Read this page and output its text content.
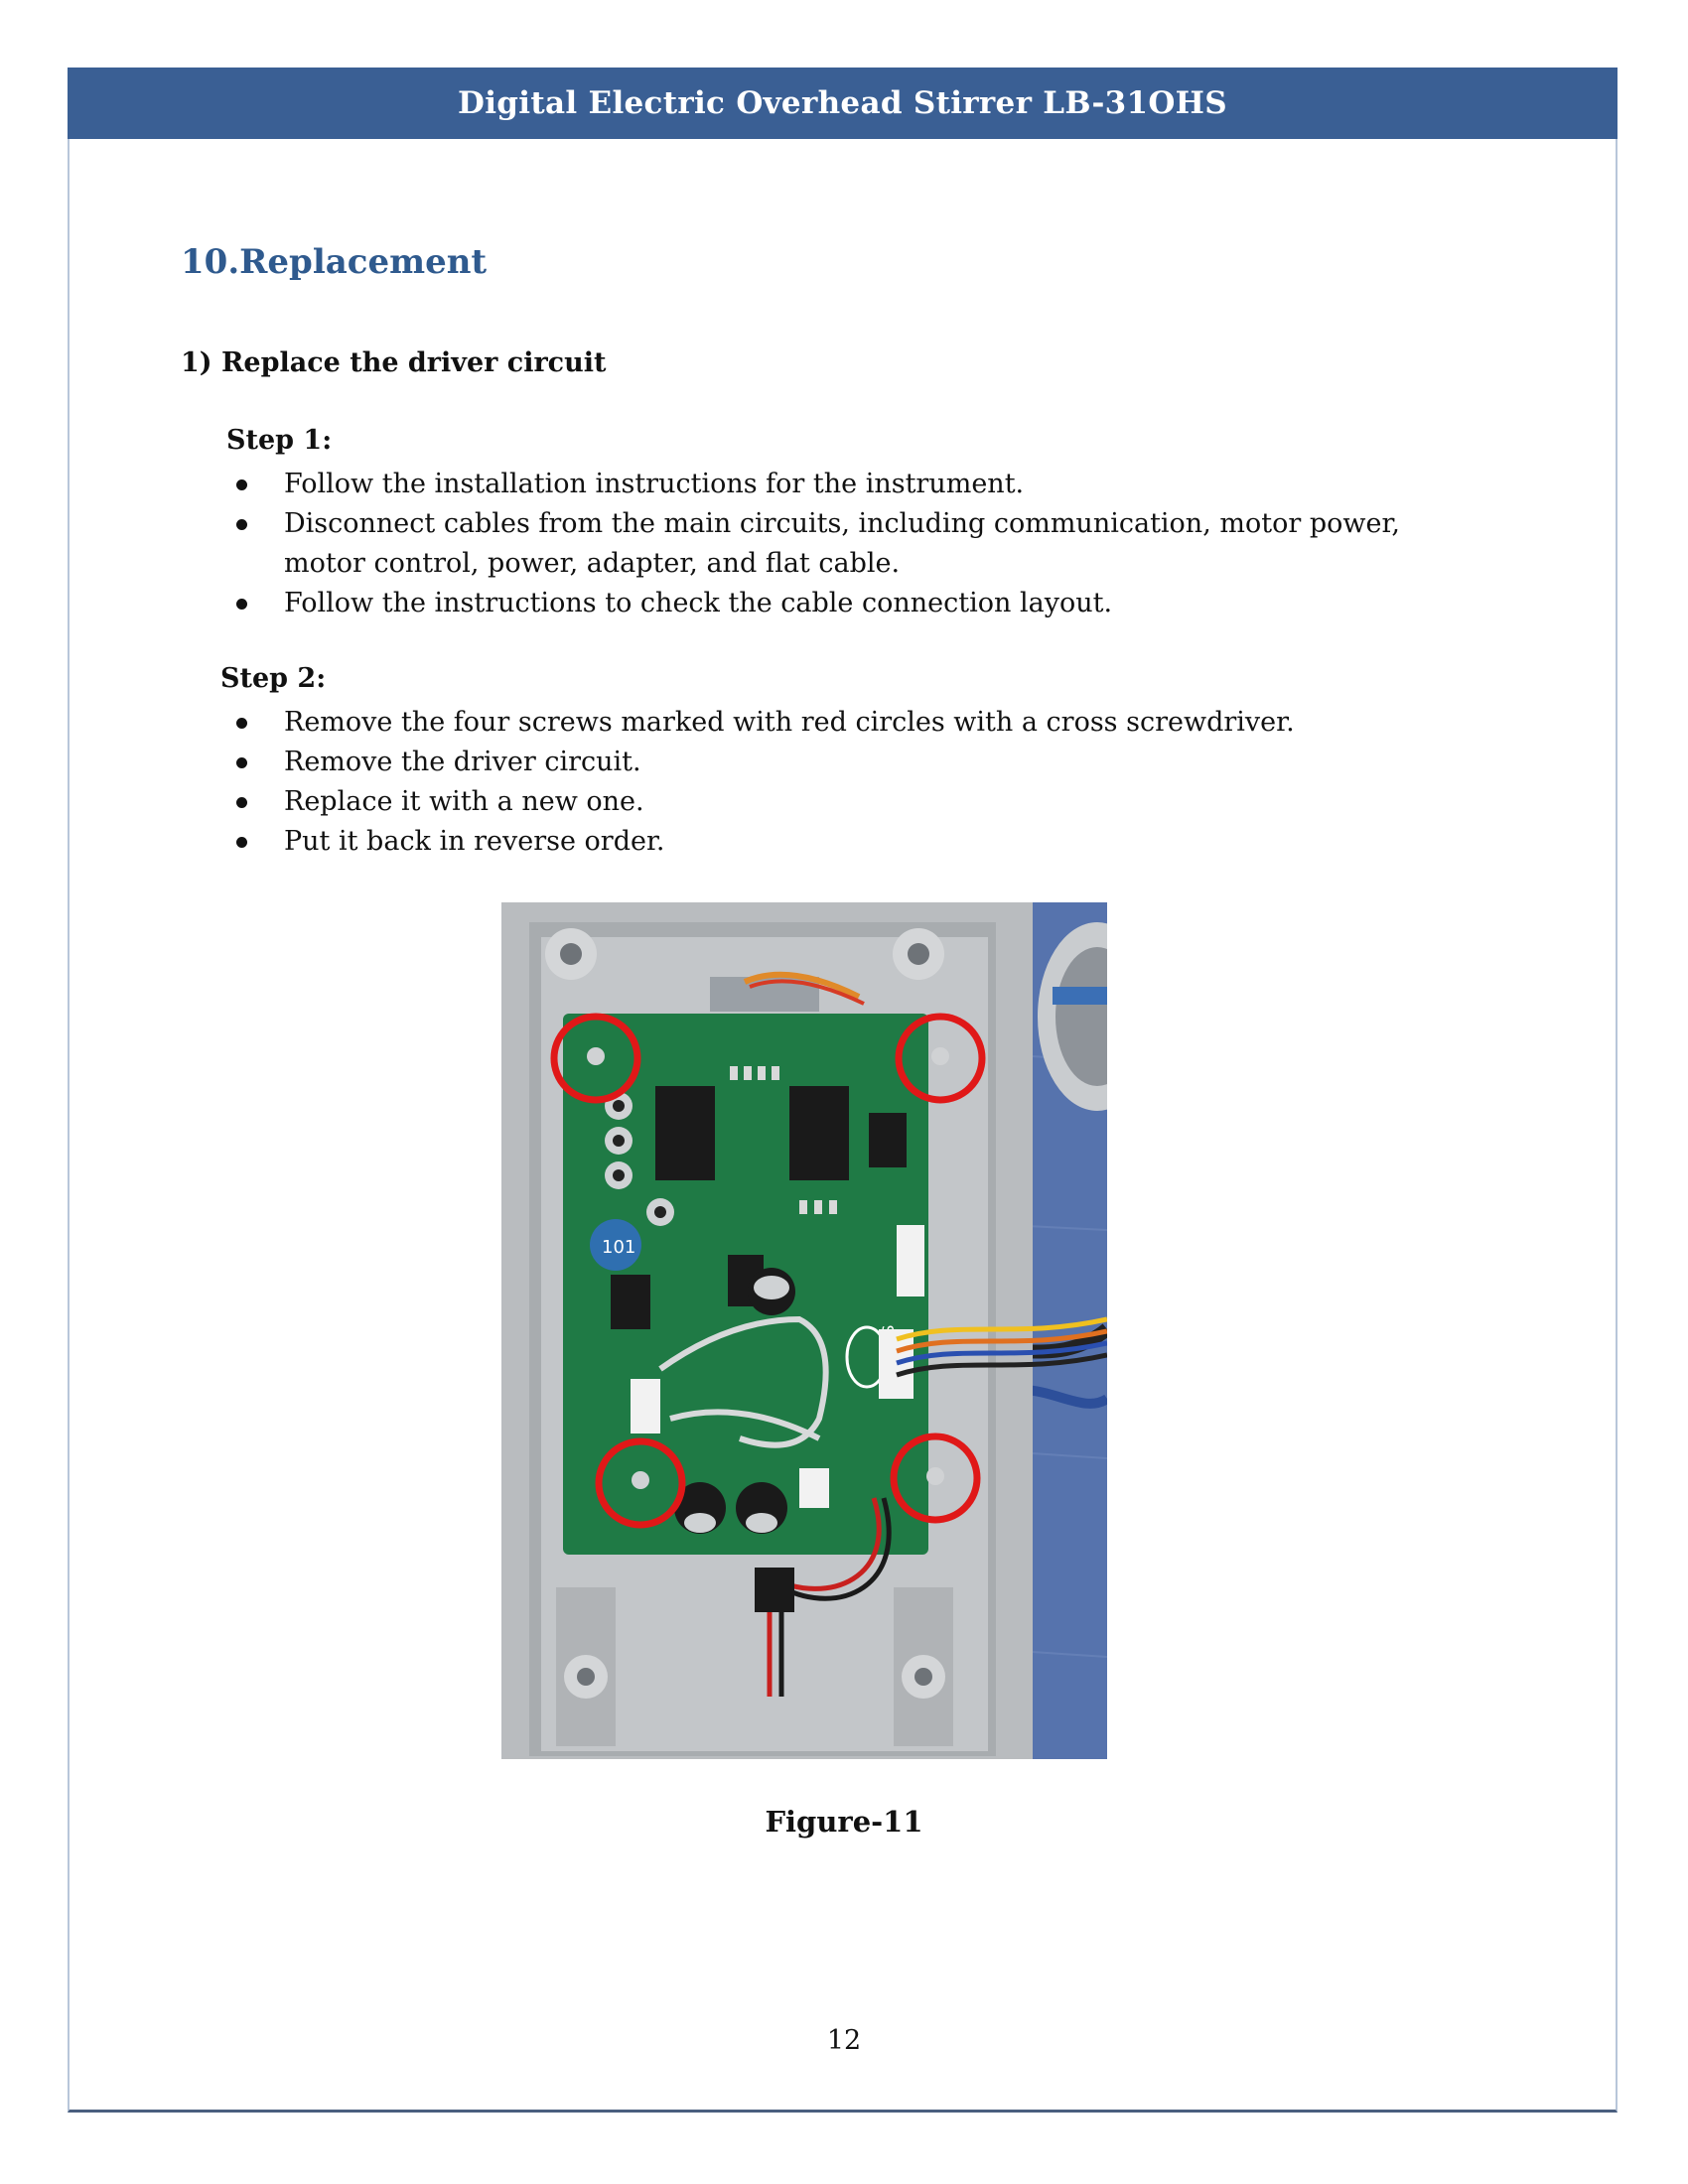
Digital Electric Overhead Stirrer LB-31OHS
10.Replacement
1) Replace the driver circuit
Step 1:
Follow the installation instructions for the instrument.
Disconnect cables from the main circuits, including communication, motor power, motor control, power, adapter, and flat cable.
Follow the instructions to check the cable connection layout.
Step 2:
Remove the four screws marked with red circles with a cross screwdriver.
Remove the driver circuit.
Replace it with a new one.
Put it back in reverse order.
101
Figure-11
12
